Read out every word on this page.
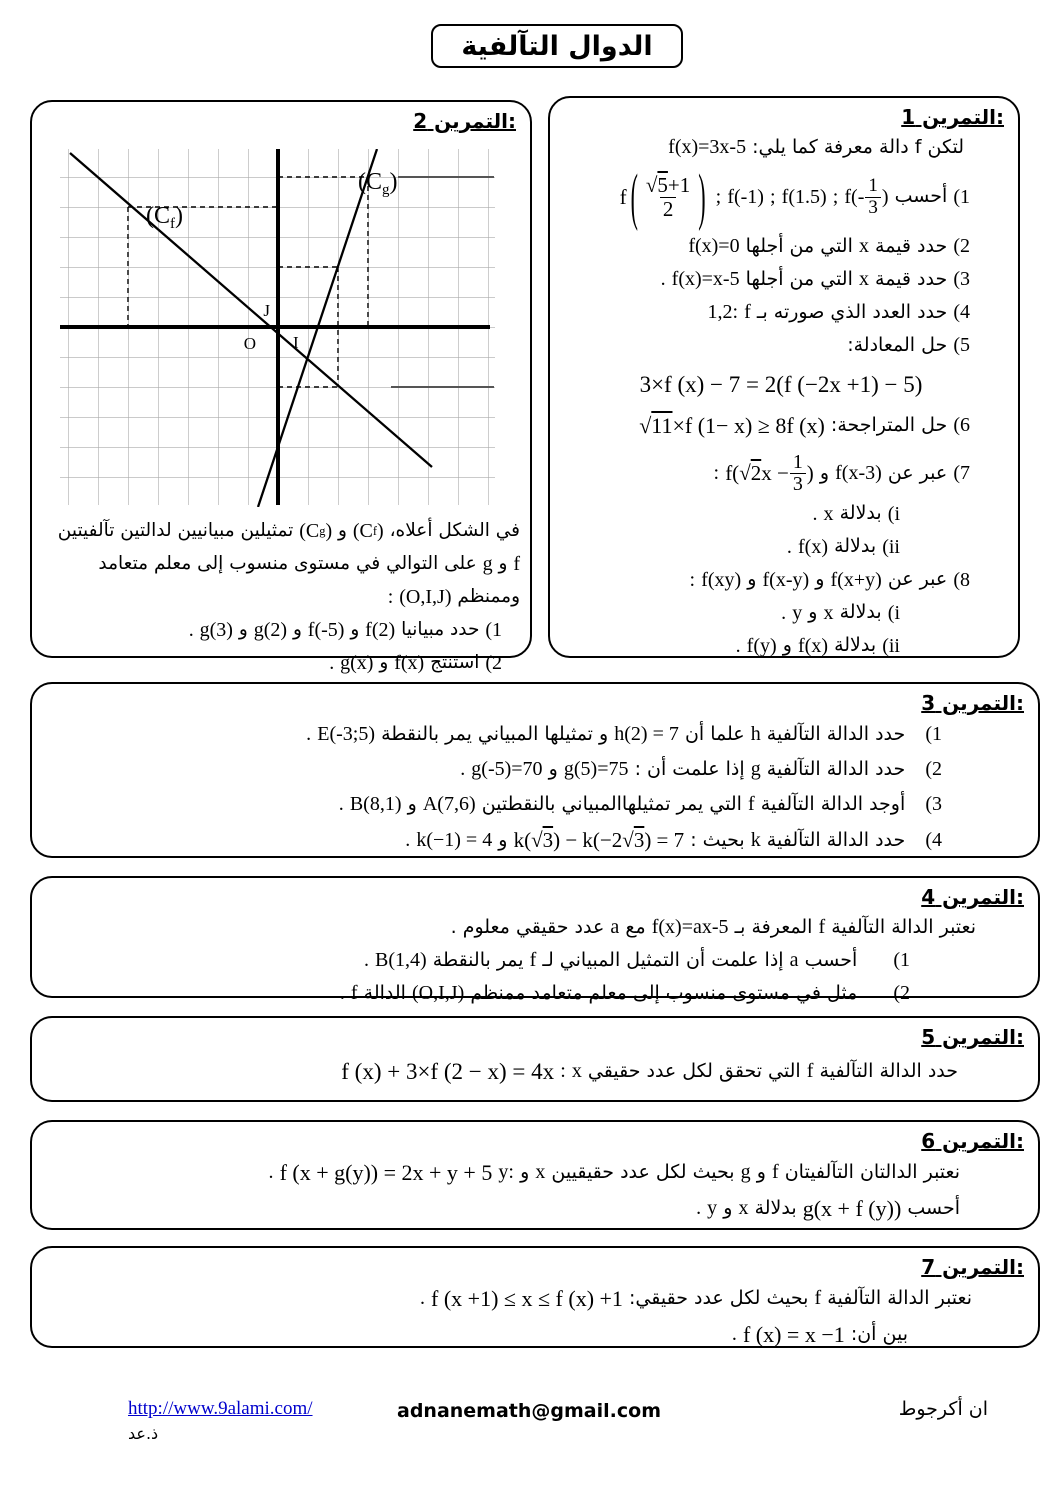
الدوال التآلفية
التمرين 2:
$(C_f)$
$(C_g)$
J
O I
في الشكل أعلاه،
(C f )
و
(C g )
تمثيلين مبيانيين لدالتين تآلفيتين
f
و
g
على التوالي في مستوى منسوب إلى معلم متعامد
وممنظم
(O,I,J)
:
(1
حدد مبيانيا
f(2)
و
f(-5)
و
g(2)
و
g(3)
.
(2
استنتج
f(x)
و
g(x)
.
التمرين 1:
لتكن f دالة معرفة كما يلي:
f(x)=3x-5
(1
أحسب
$f(- \frac{1}{3}$ )
;
f(1.5)
;
f(-1)
;
f ( $\frac{√ 5 +1}{2}$ )
(2
حدد قيمة
x
التي من أجلها
f(x)=0
(3
حدد قيمة
x
التي من أجلها
f(x)=x-5
.
(4
حدد العدد الذي صورته بـ
f
1,2:
(5
حل المعادلة:
3×f (x) − 7 = 2(f (−2x +1) − 5)
(6
حل المتراجحة:
√ 11 ×f (1− x) ≥ 8f (x)
(7
عبر عن
f(x-3)
و
f( √ 2 $x - \frac{1}{3}$ )
:
(i
بدلالة
x
.
(ii
بدلالة
f(x)
.
(8
عبر عن
f(x+y)
و
f(x-y)
و
f(xy)
:
(i
بدلالة
x
و
y
.
(ii
بدلالة
f(x)
و
f(y)
.
التمرين 3:
(1
حدد الدالة التآلفية
h
علما أن
h(2) = 7
و تمثيلها المبياني يمر بالنقطة
E(-3;5)
.
(2
حدد الدالة التآلفية
g
إذا علمت أن :
g(5)=75
و
g(-5)=70
.
(3
أوجد الدالة التآلفية
f
التي يمر تمثيلهاالمبياني بالنقطتين
A(7,6)
و
B(8,1)
.
(4
حدد الدالة التآلفية
k
بحيث :
k( √ 3 ) − k(−2 √ 3 ) = 7
و
k(−1) = 4
.
التمرين 4:
نعتبر الدالة التآلفية
f
المعرفة بـ
f(x)=ax-5
مع
a
عدد حقيقي معلوم .
(1
أحسب
a
إذا علمت أن التمثيل المبياني لـ
f
يمر بالنقطة
B(1,4)
.
(2
مثل في مستوى منسوب إلى معلم متعامد ممنظم
(O,I,J)
الدالة
f
.
التمرين 5:
حدد الدالة التآلفية
f
التي تحقق لكل عدد حقيقي
x
:
f (x) + 3×f (2 − x) = 4x
التمرين 6:
نعتبر الدالتان التآلفيتان
f
و
g
بحيث لكل عدد حقيقيين
x
و
y:
f (x + g(y)) = 2x + y + 5
.
أحسب
g(x + f (y))
بدلالة
x
و
y
.
التمرين 7:
نعتبر الدالة التآلفية
f
بحيث لكل عدد حقيقي:
f (x +1) ≤ x ≤ f (x) +1
.
بين أن:
f (x) = x −1
.
http://www.9alami.com/
ذ.عد
adnanemath@gmail.com	ان أكرجوط
